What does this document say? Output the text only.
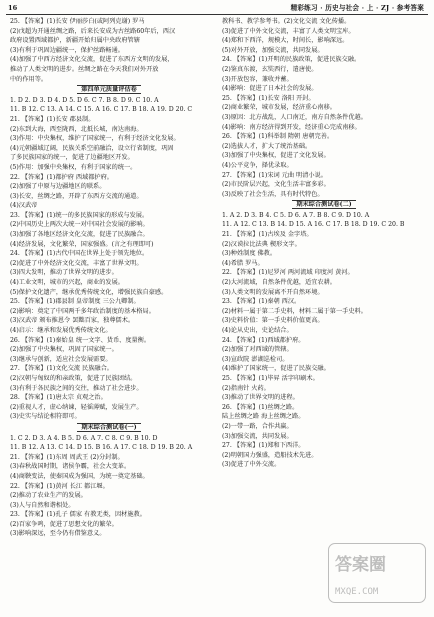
16	精彩练习 · 历史与社会 · 上 · ZJ · 参考答案
25. 【答案】(1)长安 伊丽莎白(或阿列克谢) 罗马
(2)戊超为开通丝绸之路，后来长安成为古丝路60年后，西汉
政府设置西域都护，新疆开始归属中央政府管辖
(3)有利于巩固边疆统一，保护丝路畅通。
(4)加强了中西方经济文化交流，促进了东西方文明的发展，
推动了人类文明的进步。丝绸之路在今天我们对外开放
中的作用等。
第四单元质量评估卷
1. D 2. D 3. D 4. D 5. D 6. C 7. B 8. D 9. C 10. A
11. B 12. C 13. A 14. C 15. A 16. C 17. B 18. A 19. D 20. C
21. 【答案】(1)长安 郡县制。
(2)东到大海，西至陇西，北抵长城，南达南海。
(3)作用：中央集权，维护了国家统一，有利于经济文化发展。
(4)元朝疆域辽阔，民族关系空前融洽，设立行省制度，巩固
了多民族国家的统一，促进了边疆地区开发。
(5)作用：加强中央集权，有利于国家的统一。
22. 【答案】(1)都护府 西域都护府。
(2)加强了中原与边疆地区的联系。
(3)长安，丝绸之路，开辟了东西方交流的通道。
(4)汉武帝
23. 【答案】(1)统一的多民族国家的形成与发展。
(2)中国历史上两次大统一对中国社会发展的影响。
(3)加强了各地区经济文化交流，促进了民族融合。
(4)经济发展，文化繁荣，国家强盛。(言之有理即可)
24. 【答案】(1)古代中国在世界上处于领先地位。
(2)促进了中外经济文化交流，丰富了世界文明。
(3)四大发明，推动了世界文明的进步。
(4)工业文明，城市的兴起，商业的发展。
(5)保护文化遗产，继承优秀传统文化，增强民族自豪感。
25. 【答案】(1)郡县制 皇帝制度 三公九卿制。
(2)影响：奠定了中国两千多年政治制度的基本格局。
(3)汉武帝 颁布推恩令 罢黜百家，独尊儒术。
(4)启示：继承和发展优秀传统文化。
26. 【答案】(1)秦始皇 统一文字、货币、度量衡。
(2)加强了中央集权，巩固了国家统一。
(3)继承与创新，适应社会发展需要。
27. 【答案】(1)文化交流 民族融合。
(2)汉朝与匈奴的和亲政策，促进了民族团结。
(3)有利于各民族之间的交往，推动了社会进步。
28. 【答案】(1)唐太宗 贞观之治。
(2)重视人才，虚心纳谏，轻徭薄赋，发展生产。
(3)史实与结论相符即可。
期末综合测试卷(一)
1. C 2. D 3. A 4. B 5. D 6. A 7. C 8. C 9. B 10. D
11. B 12. A 13. C 14. D 15. B 16. A 17. C 18. D 19. B 20. A
21. 【答案】(1)东周 周武王 (2)分封制。
(3)春秋战国时期，诸侯争霸，社会大变革。
(4)商鞅变法，使秦国成为强国，为统一奠定基础。
22. 【答案】(1)黄河 长江 都江堰。
(2)推动了农业生产的发展。
(3)人与自然和谐相处。
23. 【答案】(1)孔子 儒家 有教无类，因材施教。
(2)百家争鸣，促进了思想文化的繁荣。
(3)影响深远，至今仍有借鉴意义。
教科书、教学参考书。(2)文化交流 文化传播。
(3)促进了中外文化交流，丰富了人类文明宝库。
(4)郑和下西洋，规模大，时间长，影响深远。
(5)对外开放，加强交流，共同发展。
24. 【答案】(1)开明的民族政策，促进民族交融。
(2)鉴真东渡，玄奘西行，遣唐使。
(3)开放包容，兼收并蓄。
(4)影响：促进了日本社会的发展。
25. 【答案】(1)长安 洛阳 开封。
(2)商业繁荣，城市发展，经济重心南移。
(3)原因：北方战乱，人口南迁，南方自然条件优越。
(4)影响：南方经济得到开发，经济重心完成南移。
26. 【答案】(1)科举制 隋朝 唐朝完善。
(2)选拔人才，扩大了统治基础。
(3)加强了中央集权，促进了文化发展。
(4)公平竞争，择优录取。
27. 【答案】(1)宋词 元曲 明清小说。
(2)市民阶层兴起，文化生活丰富多彩。
(3)反映了社会生活，具有时代特色。
期末综合测试卷(二)
1. A 2. D 3. B 4. C 5. D 6. A 7. B 8. C 9. D 10. A
11. A 12. C 13. B 14. D 15. A 16. C 17. B 18. D 19. C 20. B
21. 【答案】(1)古埃及 金字塔。
(2)汉谟拉比法典 楔形文字。
(3)种姓制度 佛教。
(4)希腊 罗马。
22. 【答案】(1)尼罗河 两河流域 印度河 黄河。
(2)大河流域，自然条件优越，适宜农耕。
(3)人类文明的发展离不开自然环境。
23. 【答案】(1)秦朝 西汉。
(2)材料一属于第二手史料，材料二属于第一手史料。
(3)史料价值：第一手史料价值更高。
(4)论从史出，史论结合。
24. 【答案】(1)西域都护府。
(2)加强了对西域的管辖。
(3)宣政院 澎湖巡检司。
(4)维护了国家统一，促进了民族交融。
25. 【答案】(1)毕昇 活字印刷术。
(2)指南针 火药。
(3)推动了世界文明的进程。
26. 【答案】(1)丝绸之路。
陆上丝绸之路 海上丝绸之路。
(2)一带一路，合作共赢。
(3)加强交流，共同发展。
27. 【答案】(1)郑和下西洋。
(2)明朝国力强盛，造船技术先进。
(3)促进了中外交流。
答案圈
MXQE.COM
